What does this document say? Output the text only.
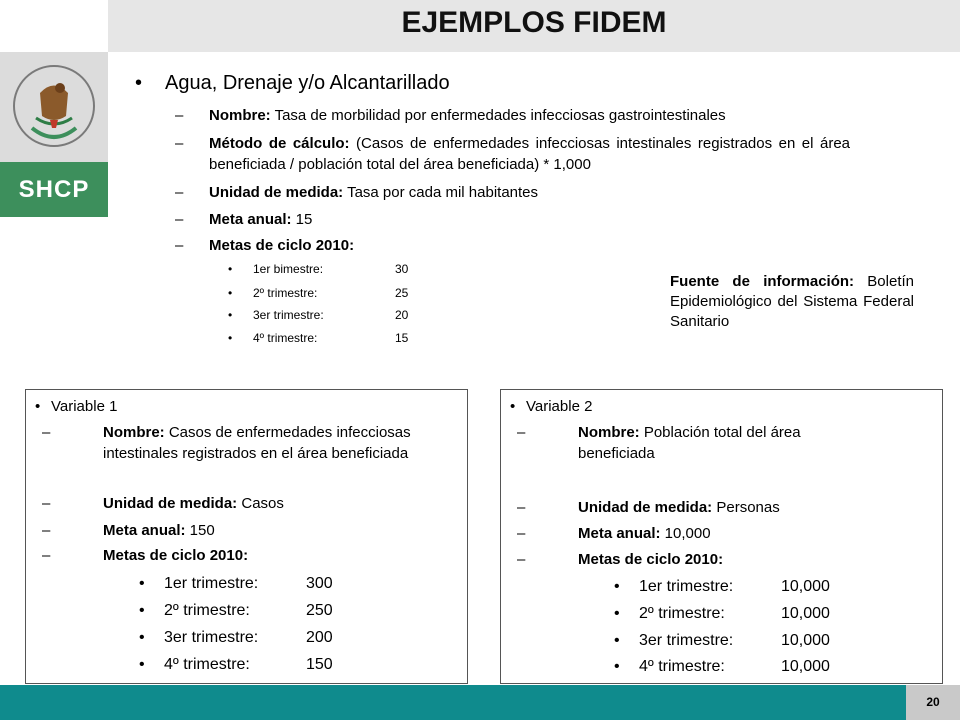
SHCP
EJEMPLOS FIDEM
• Agua, Drenaje y/o Alcantarillado
– Nombre: Tasa de morbilidad por enfermedades infecciosas gastrointestinales
– Método de cálculo: (Casos de enfermedades infecciosas intestinales registrados en el área beneficiada / población total del área beneficiada) * 1,000
– Unidad de medida: Tasa por cada mil habitantes
– Meta anual: 15
– Metas de ciclo 2010:
• 1er bimestre:	30
• 2º trimestre:	25
• 3er trimestre:	20
• 4º trimestre:	15
Fuente de información: Boletín Epidemiológico del Sistema Federal Sanitario
• Variable 1
–	Nombre: Casos de enfermedades infecciosas intestinales registrados en el área beneficiada
–	Unidad de medida: Casos
–	Meta anual: 150
–	Metas de ciclo 2010:
• 1er trimestre:	300
• 2º trimestre:	250
• 3er trimestre:	200
• 4º trimestre:	150
• Variable 2
–	Nombre: Población total del área beneficiada
–	Unidad de medida: Personas
–	Meta anual: 10,000
–	Metas de ciclo 2010:
• 1er trimestre:	10,000
• 2º trimestre:	10,000
• 3er trimestre:	10,000
• 4º trimestre:	10,000
20
